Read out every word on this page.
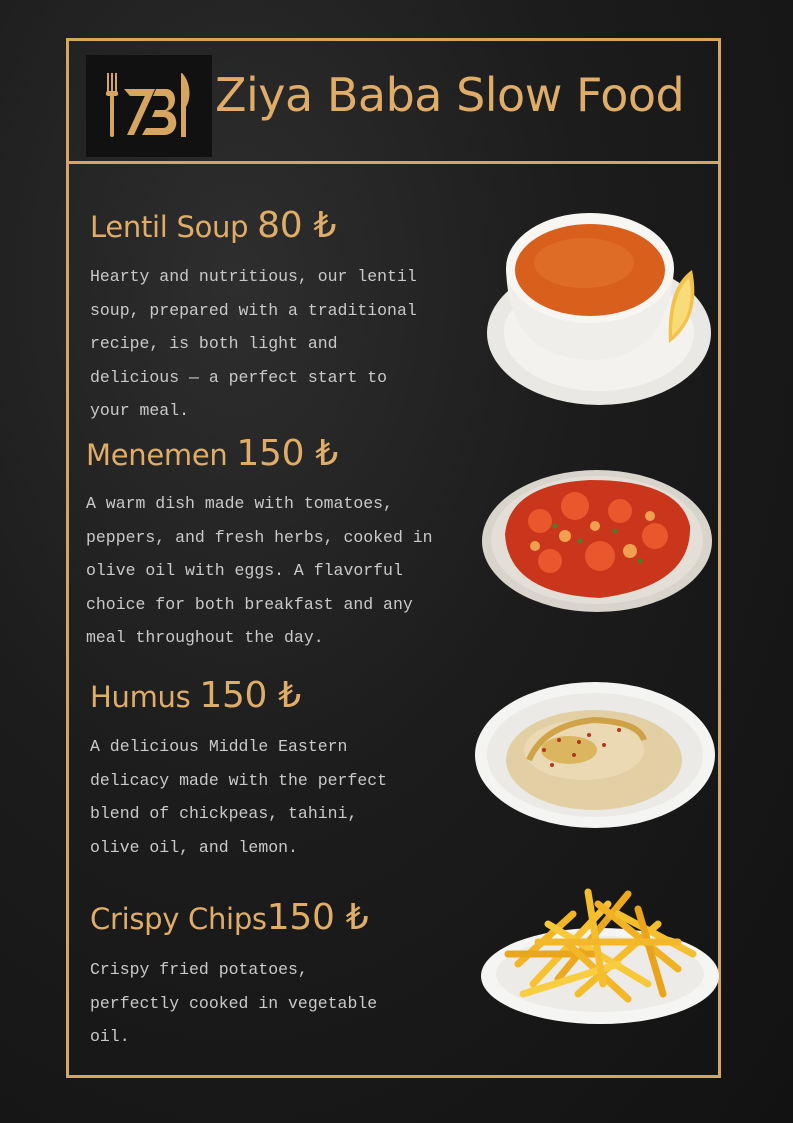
Ziya Baba Slow Food
Lentil Soup 80 ₺
Hearty and nutritious, our lentil
soup, prepared with a traditional
recipe, is both light and
delicious — a perfect start to
your meal.
Menemen 150 ₺
A warm dish made with tomatoes,
peppers, and fresh herbs, cooked in
olive oil with eggs. A flavorful
choice for both breakfast and any
meal throughout the day.
Humus 150 ₺
A delicious Middle Eastern
delicacy made with the perfect
blend of chickpeas, tahini,
olive oil, and lemon.
Crispy Chips150 ₺
Crispy fried potatoes,
perfectly cooked in vegetable
oil.
